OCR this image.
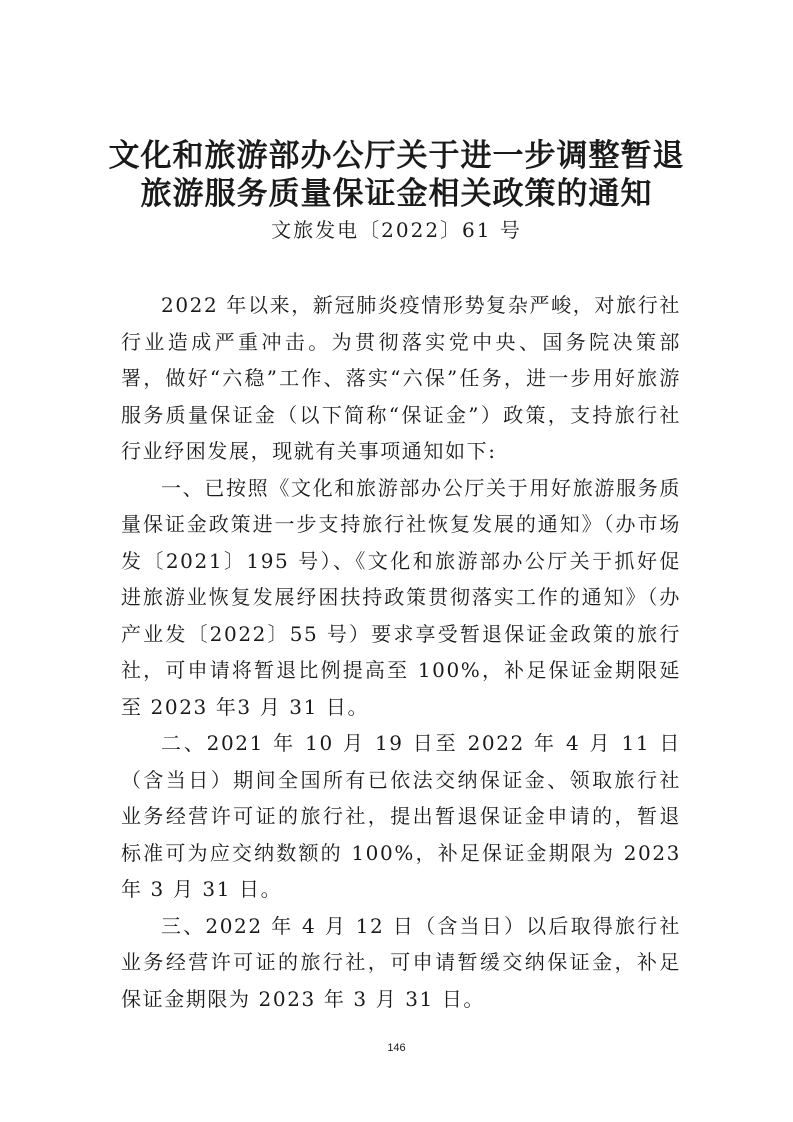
文化和旅游部办公厅关于进一步调整暂退
旅游服务质量保证金相关政策的通知
文旅发电〔2022〕61 号

2022 年以来，新冠肺炎疫情形势复杂严峻，对旅行社行业造成严重冲击。为贯彻落实党中央、国务院决策部署，做好“六稳”工作、落实“六保”任务，进一步用好旅游服务质量保证金（以下简称“保证金”）政策，支持旅行社行业纾困发展，现就有关事项通知如下:

一、已按照《文化和旅游部办公厅关于用好旅游服务质量保证金政策进一步支持旅行社恢复发展的通知》（办市场发〔2021〕195 号）、《文化和旅游部办公厅关于抓好促进旅游业恢复发展纾困扶持政策贯彻落实工作的通知》（办产业发〔2022〕55 号）要求享受暂退保证金政策的旅行社，可申请将暂退比例提高至 100%，补足保证金期限延至 2023 年3 月 31 日。

二、2021 年 10 月 19 日至 2022 年 4 月 11 日（含当日）期间全国所有已依法交纳保证金、领取旅行社业务经营许可证的旅行社，提出暂退保证金申请的，暂退标准可为应交纳数额的 100%，补足保证金期限为 2023 年 3 月 31 日。

三、2022 年 4 月 12 日（含当日）以后取得旅行社业务经营许可证的旅行社，可申请暂缓交纳保证金，补足保证金期限为 2023 年 3 月 31 日。

146
